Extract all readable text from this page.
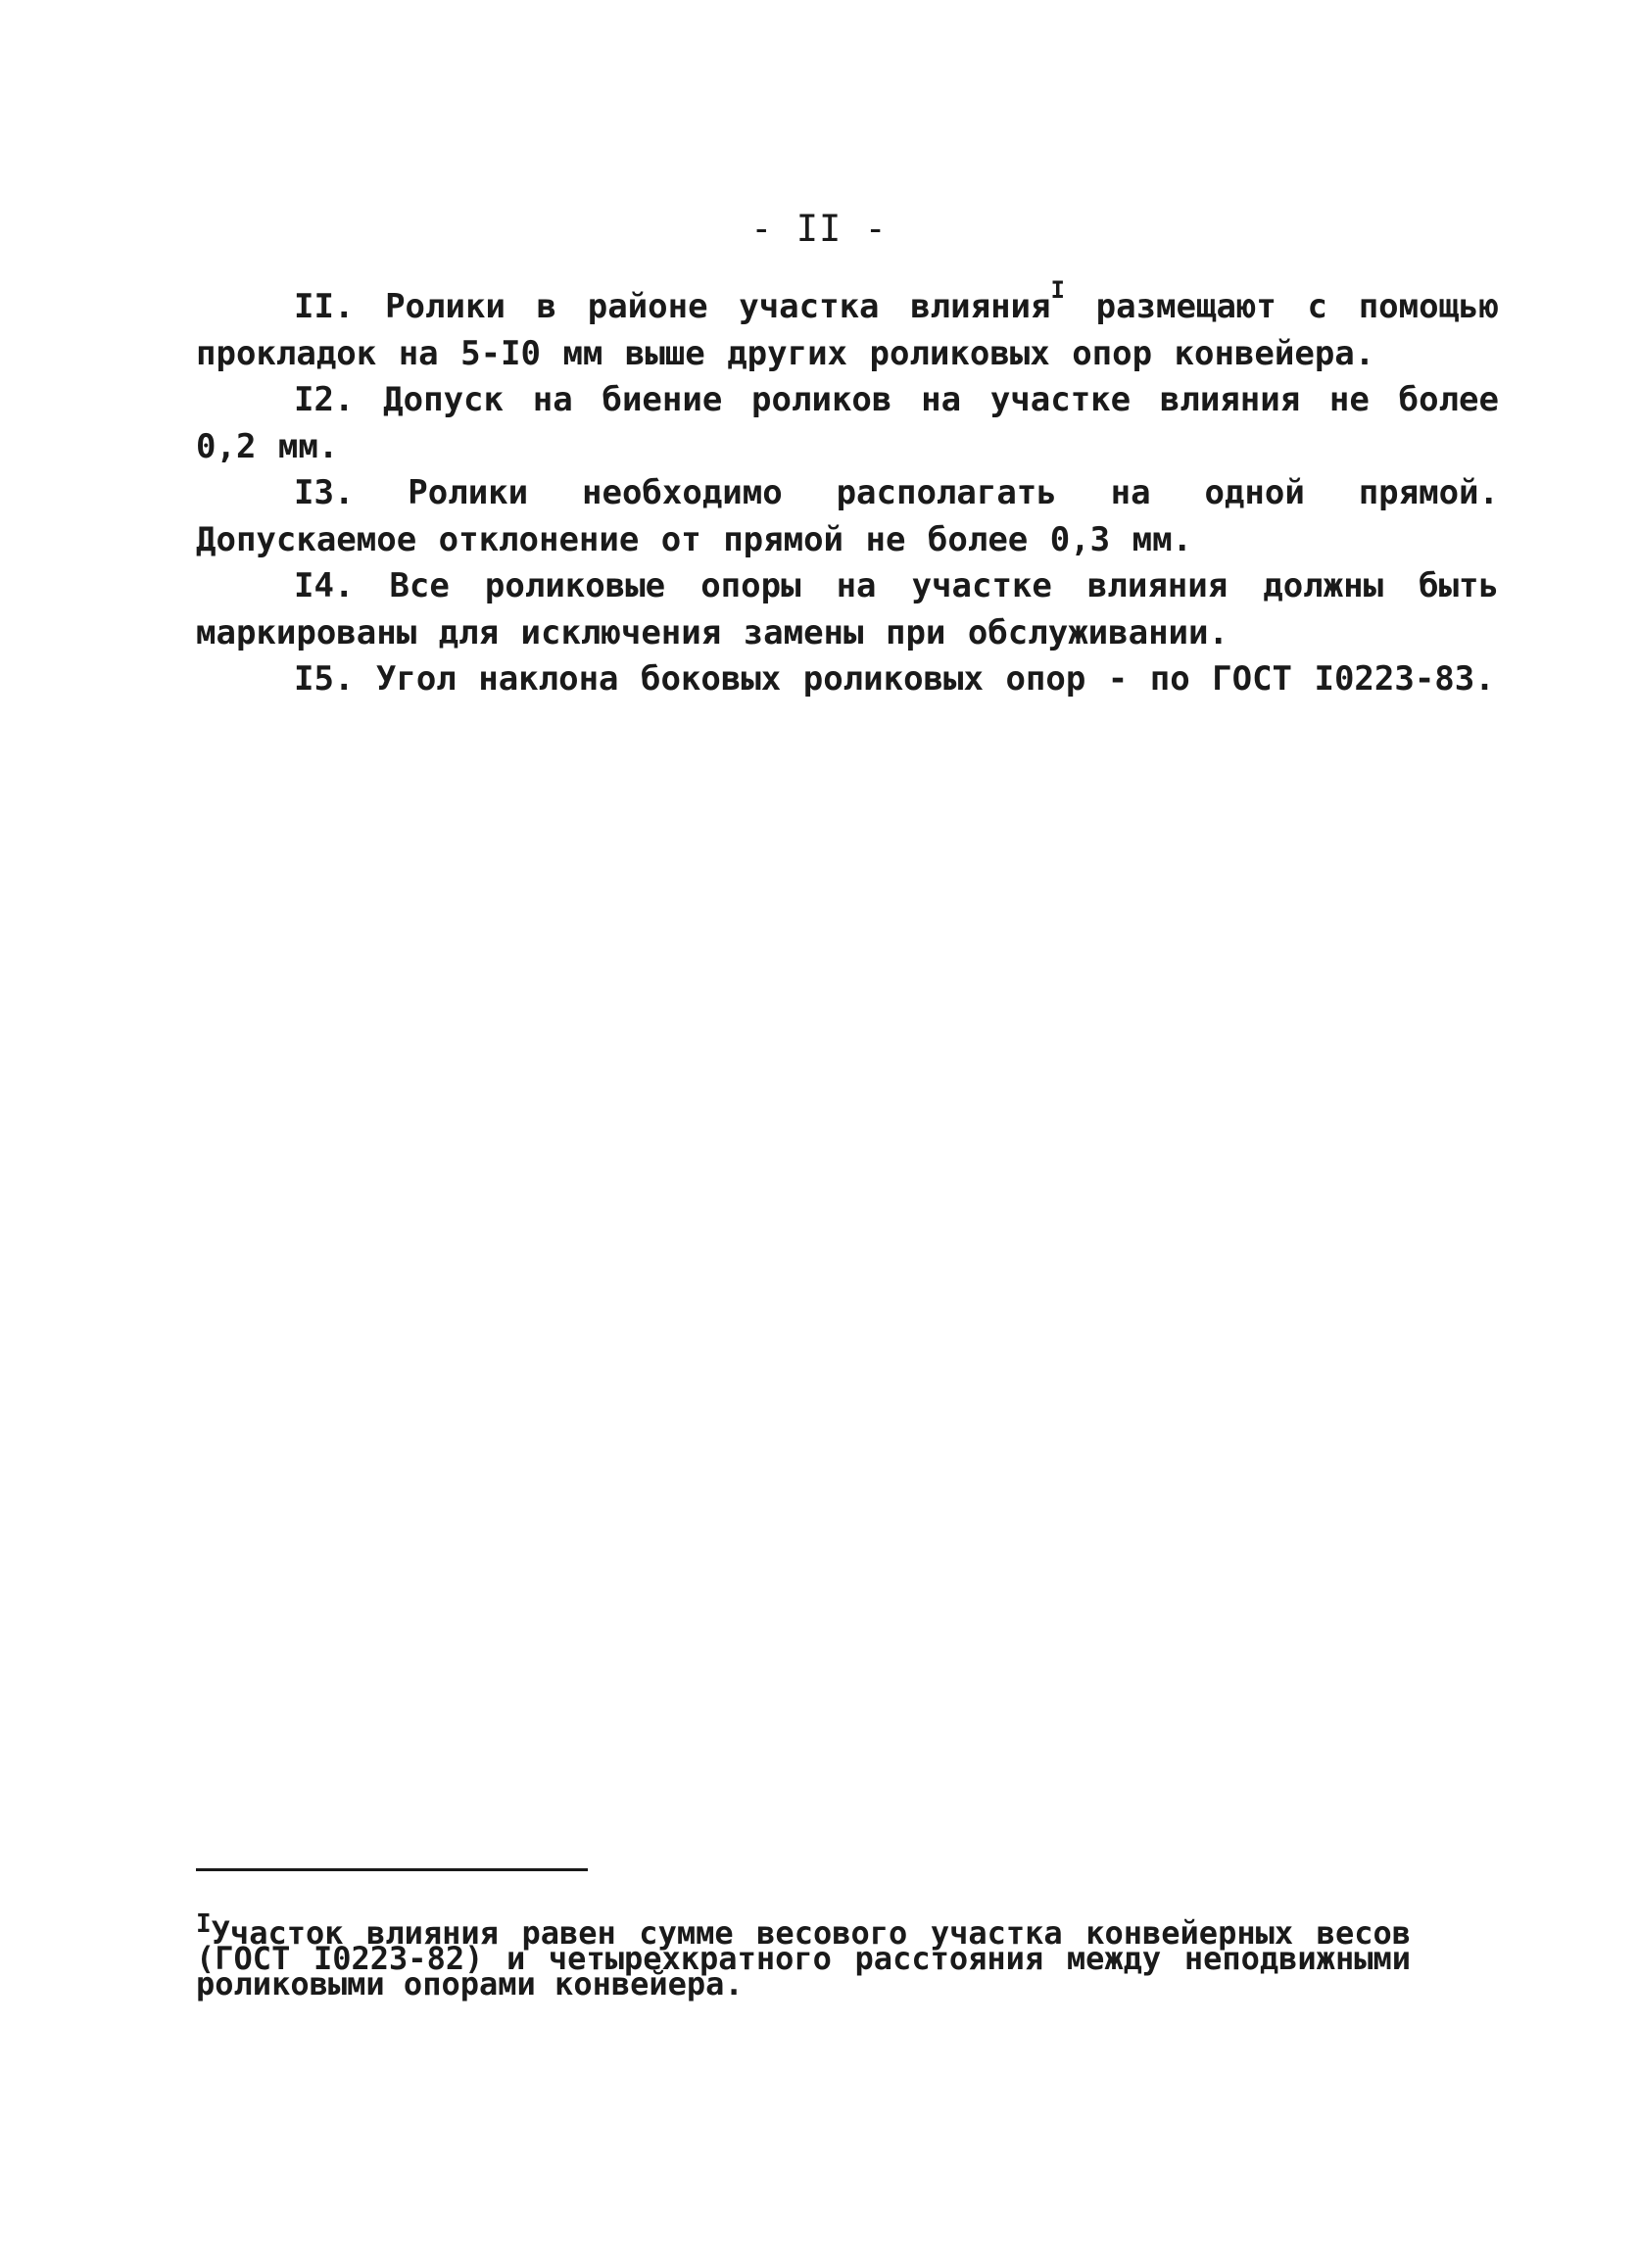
- II -

II. Ролики в районе участка влияния$^I$ размещают с помощью прокладок на 5-I0 мм выше других роликовых опор конвейера.

I2. Допуск на биение роликов на участке влияния не более 0,2 мм.

I3. Ролики необходимо располагать на одной прямой. Допускаемое отклонение от прямой не более 0,3 мм.

I4. Все роликовые опоры на участке влияния должны быть маркированы для исключения замены при обслуживании.

I5. Угол наклона боковых роликовых опор - по ГОСТ I0223-83.

$^I$Участок влияния равен сумме весового участка конвейерных весов (ГОСТ I0223-82) и четырехкратного расстояния между неподвижными роликовыми опорами конвейера.
